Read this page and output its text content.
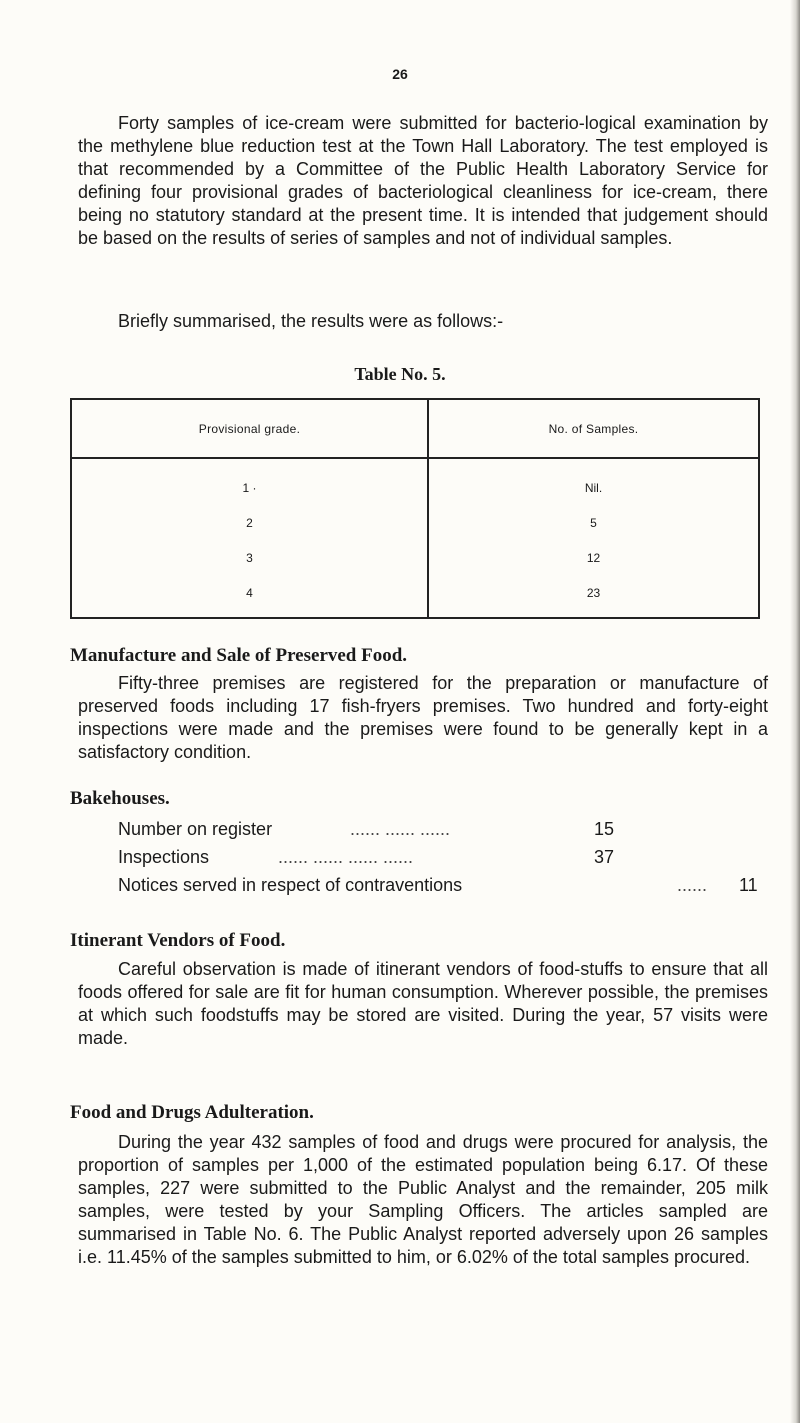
26
Forty samples of ice-cream were submitted for bacterio-logical examination by the methylene blue reduction test at the Town Hall Laboratory. The test employed is that recommended by a Committee of the Public Health Laboratory Service for defining four provisional grades of bacteriological cleanliness for ice-cream, there being no statutory standard at the present time. It is intended that judgement should be based on the results of series of samples and not of individual samples.
Briefly summarised, the results were as follows:-
Table No. 5.
Provisional grade.	No. of Samples.
1 ·	Nil.
2	5
3	12
4	23
Manufacture and Sale of Preserved Food.
Fifty-three premises are registered for the preparation or manufacture of preserved foods including 17 fish-fryers premises. Two hundred and forty-eight inspections were made and the premises were found to be generally kept in a satisfactory condition.
Bakehouses.
Number on register	...... ...... ......	15
Inspections	...... ...... ...... ......	37
Notices served in respect of contraventions	...... 11
Itinerant Vendors of Food.
Careful observation is made of itinerant vendors of food-stuffs to ensure that all foods offered for sale are fit for human consumption. Wherever possible, the premises at which such foodstuffs may be stored are visited. During the year, 57 visits were made.
Food and Drugs Adulteration.
During the year 432 samples of food and drugs were procured for analysis, the proportion of samples per 1,000 of the estimated population being 6.17. Of these samples, 227 were submitted to the Public Analyst and the remainder, 205 milk samples, were tested by your Sampling Officers. The articles sampled are summarised in Table No. 6. The Public Analyst reported adversely upon 26 samples i.e. 11.45% of the samples submitted to him, or 6.02% of the total samples procured.
